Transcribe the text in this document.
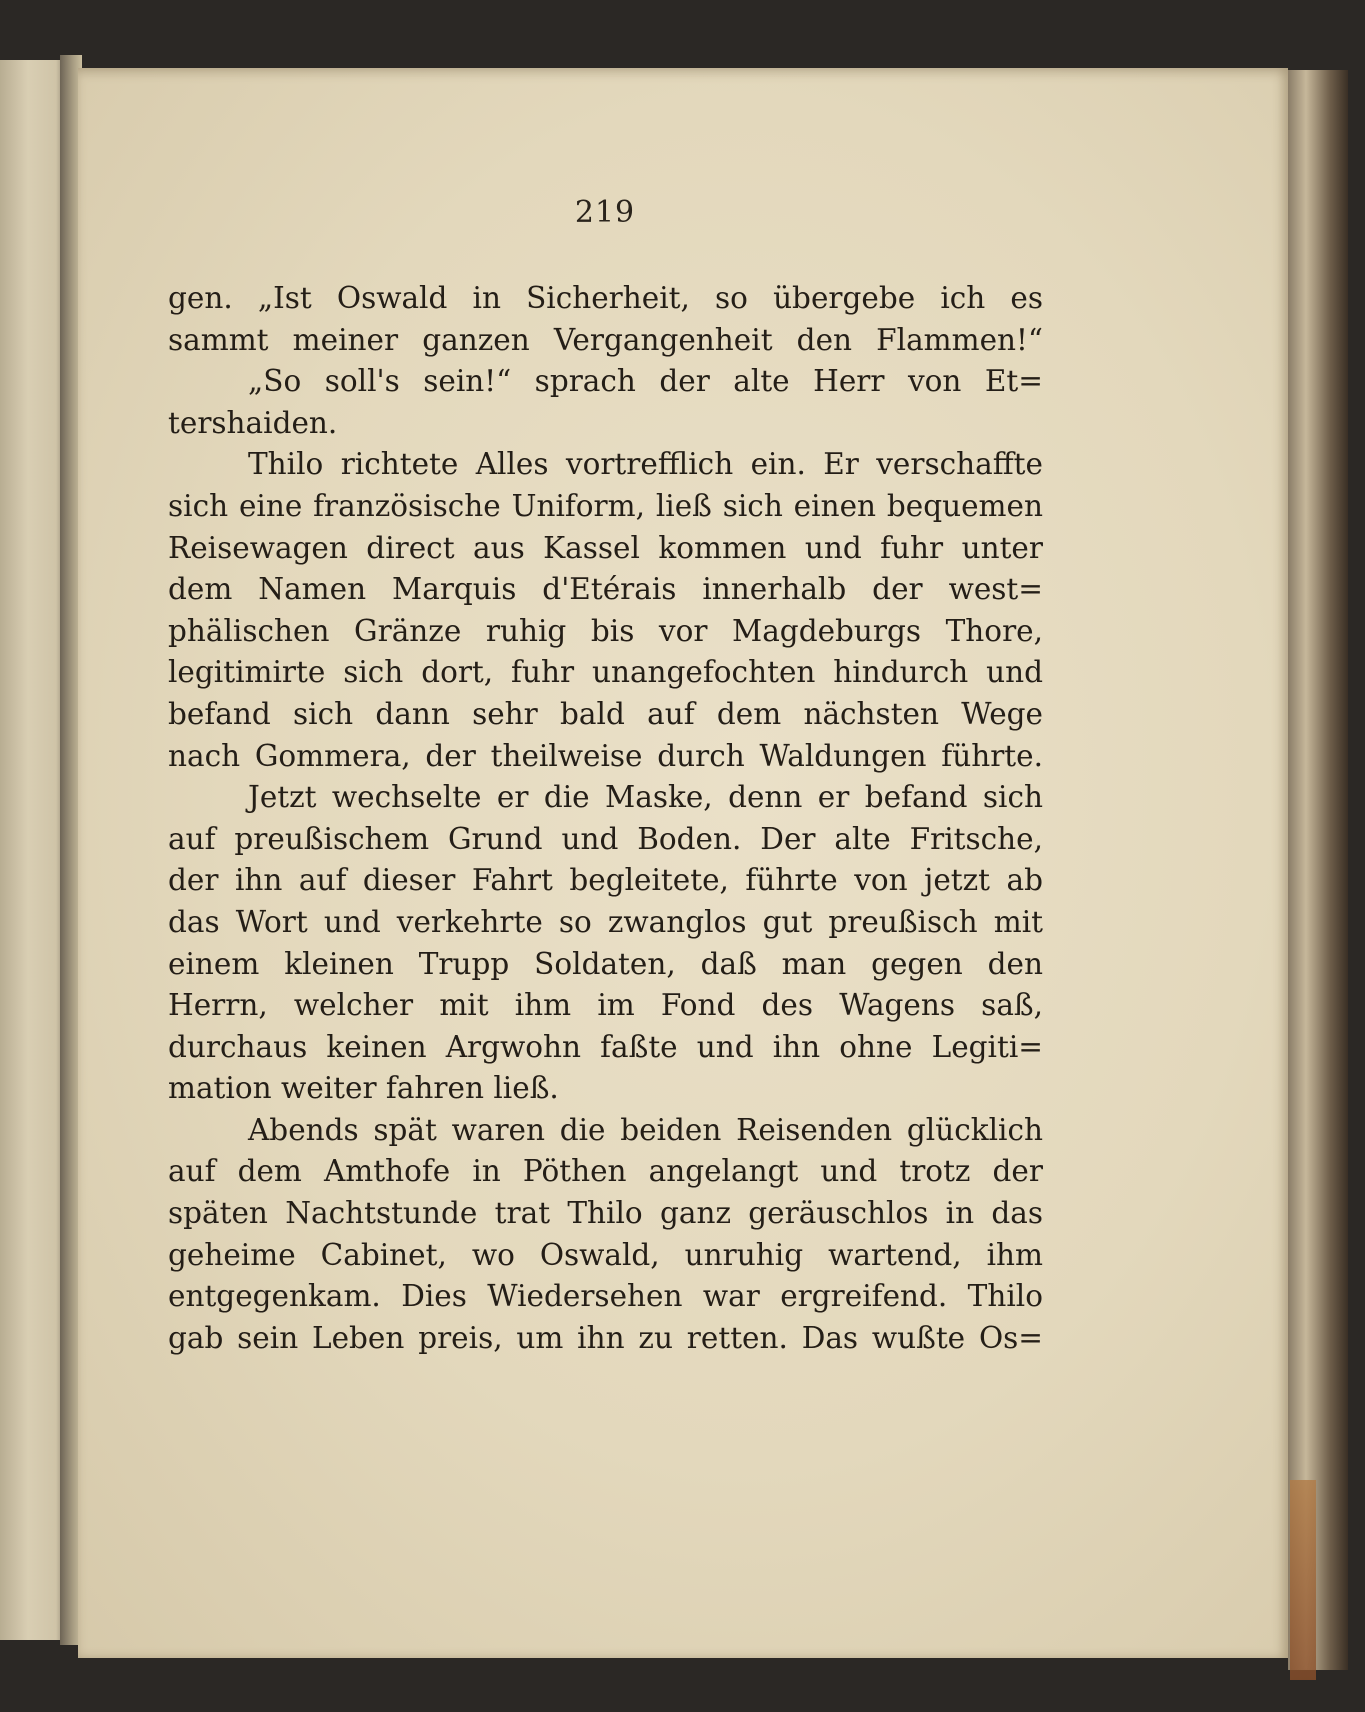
219
gen. „Ist Oswald in Sicherheit, so übergebe ich es
sammt meiner ganzen Vergangenheit den Flammen!“
„So soll's sein!“ sprach der alte Herr von Et=
tershaiden.
Thilo richtete Alles vortrefflich ein. Er verschaffte
sich eine französische Uniform, ließ sich einen bequemen
Reisewagen direct aus Kassel kommen und fuhr unter
dem Namen Marquis d'Etérais innerhalb der west=
phälischen Gränze ruhig bis vor Magdeburgs Thore,
legitimirte sich dort, fuhr unangefochten hindurch und
befand sich dann sehr bald auf dem nächsten Wege
nach Gommera, der theilweise durch Waldungen führte.
Jetzt wechselte er die Maske, denn er befand sich
auf preußischem Grund und Boden. Der alte Fritsche,
der ihn auf dieser Fahrt begleitete, führte von jetzt ab
das Wort und verkehrte so zwanglos gut preußisch mit
einem kleinen Trupp Soldaten, daß man gegen den
Herrn, welcher mit ihm im Fond des Wagens saß,
durchaus keinen Argwohn faßte und ihn ohne Legiti=
mation weiter fahren ließ.
Abends spät waren die beiden Reisenden glücklich
auf dem Amthofe in Pöthen angelangt und trotz der
späten Nachtstunde trat Thilo ganz geräuschlos in das
geheime Cabinet, wo Oswald, unruhig wartend, ihm
entgegenkam. Dies Wiedersehen war ergreifend. Thilo
gab sein Leben preis, um ihn zu retten. Das wußte Os=
